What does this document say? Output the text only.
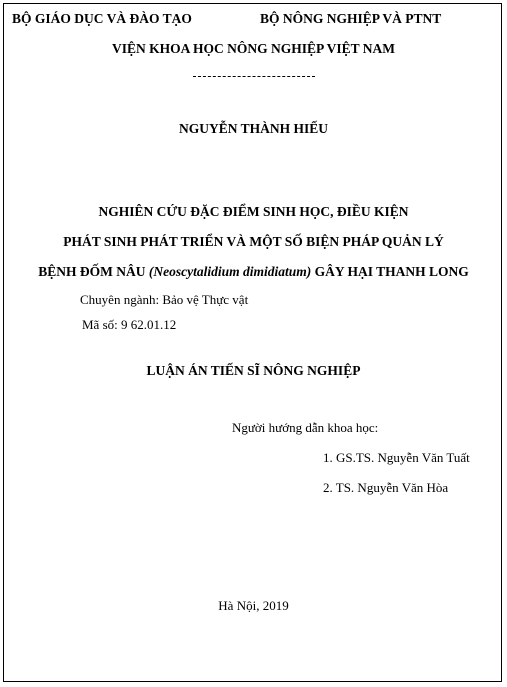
BỘ GIÁO DỤC VÀ ĐÀO TẠO	BỘ NÔNG NGHIỆP VÀ PTNT
VIỆN KHOA HỌC NÔNG NGHIỆP VIỆT NAM
NGUYỄN THÀNH HIẾU
NGHIÊN CỨU ĐẶC ĐIỂM SINH HỌC, ĐIỀU KIỆN
PHÁT SINH PHÁT TRIỂN VÀ MỘT SỐ BIỆN PHÁP QUẢN LÝ
BỆNH ĐỐM NÂU (Neoscytalidium dimidiatum) GÂY HẠI THANH LONG
Chuyên ngành: Bảo vệ Thực vật
Mã số: 9 62.01.12
LUẬN ÁN TIẾN SĨ NÔNG NGHIỆP
Người hướng dẫn khoa học:
1. GS.TS. Nguyễn Văn Tuất
2. TS. Nguyễn Văn Hòa
Hà Nội, 2019
